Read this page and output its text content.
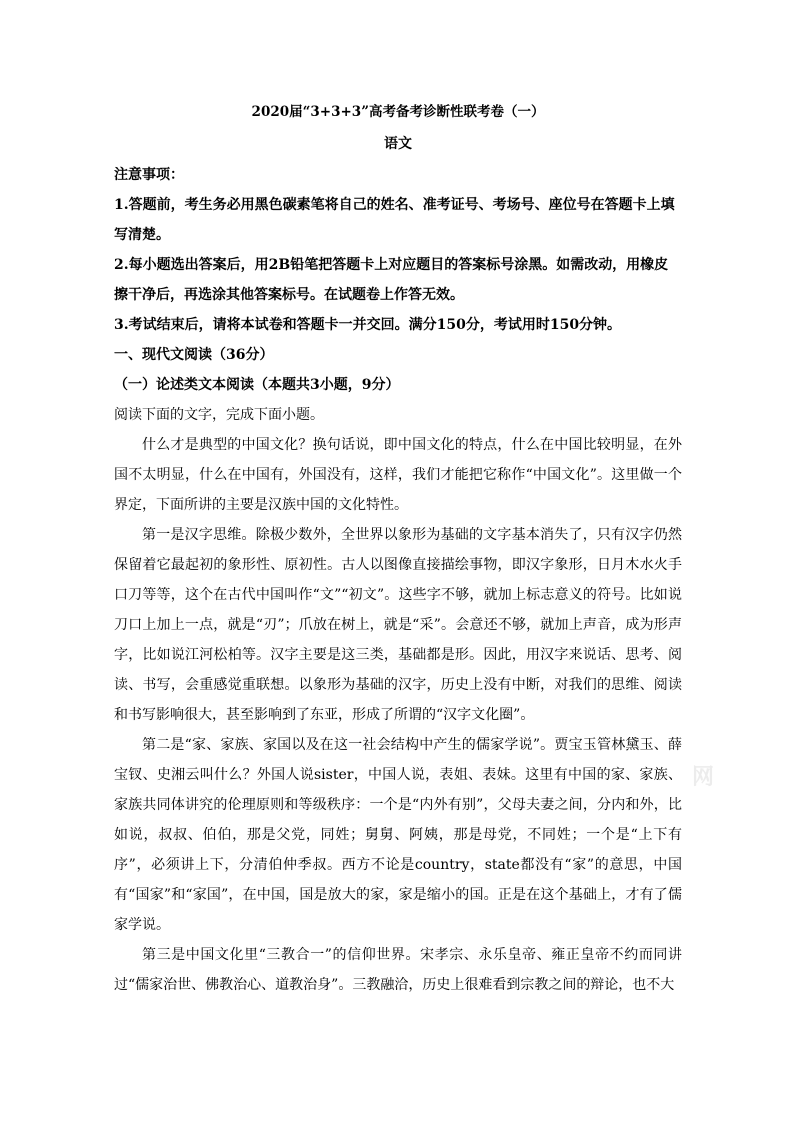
2020届“3+3+3”高考备考诊断性联考卷（一）

语文

注意事项：

1.答题前，考生务必用黑色碳素笔将自己的姓名、准考证号、考场号、座位号在答题卡上填写清楚。

2.每小题选出答案后，用2B铅笔把答题卡上对应题目的答案标号涂黑。如需改动，用橡皮擦干净后，再选涂其他答案标号。在试题卷上作答无效。

3.考试结束后，请将本试卷和答题卡一并交回。满分150分，考试用时150分钟。

一、现代文阅读（36分）

（一）论述类文本阅读（本题共3小题，9分）

阅读下面的文字，完成下面小题。

什么才是典型的中国文化？换句话说，即中国文化的特点，什么在中国比较明显，在外国不太明显，什么在中国有，外国没有，这样，我们才能把它称作“中国文化”。这里做一个界定，下面所讲的主要是汉族中国的文化特性。

第一是汉字思维。除极少数外，全世界以象形为基础的文字基本消失了，只有汉字仍然保留着它最起初的象形性、原初性。古人以图像直接描绘事物，即汉字象形，日月木水火手口刀等等，这个在古代中国叫作“文”“初文”。这些字不够，就加上标志意义的符号。比如说刀口上加上一点，就是“刃”；爪放在树上，就是“采”。会意还不够，就加上声音，成为形声字，比如说江河松柏等。汉字主要是这三类，基础都是形。因此，用汉字来说话、思考、阅读、书写，会重感觉重联想。以象形为基础的汉字，历史上没有中断，对我们的思维、阅读和书写影响很大，甚至影响到了东亚，形成了所谓的“汉字文化圈”。

第二是“家、家族、家国以及在这一社会结构中产生的儒家学说”。贾宝玉管林黛玉、薛宝钗、史湘云叫什么？外国人说sister，中国人说，表姐、表妹。这里有中国的家、家族、家族共同体讲究的伦理原则和等级秩序：一个是“内外有别”，父母夫妻之间，分内和外，比如说，叔叔、伯伯，那是父党，同姓；舅舅、阿姨，那是母党，不同姓；一个是“上下有序”，必须讲上下，分清伯仲季叔。西方不论是country，state都没有“家”的意思，中国有“国家”和“家国”，在中国，国是放大的家，家是缩小的国。正是在这个基础上，才有了儒家学说。

第三是中国文化里“三教合一”的信仰世界。宋孝宗、永乐皇帝、雍正皇帝不约而同讲过“儒家治世、佛教治心、道教治身”。三教融洽，历史上很难看到宗教之间的辩论，也不大

网
